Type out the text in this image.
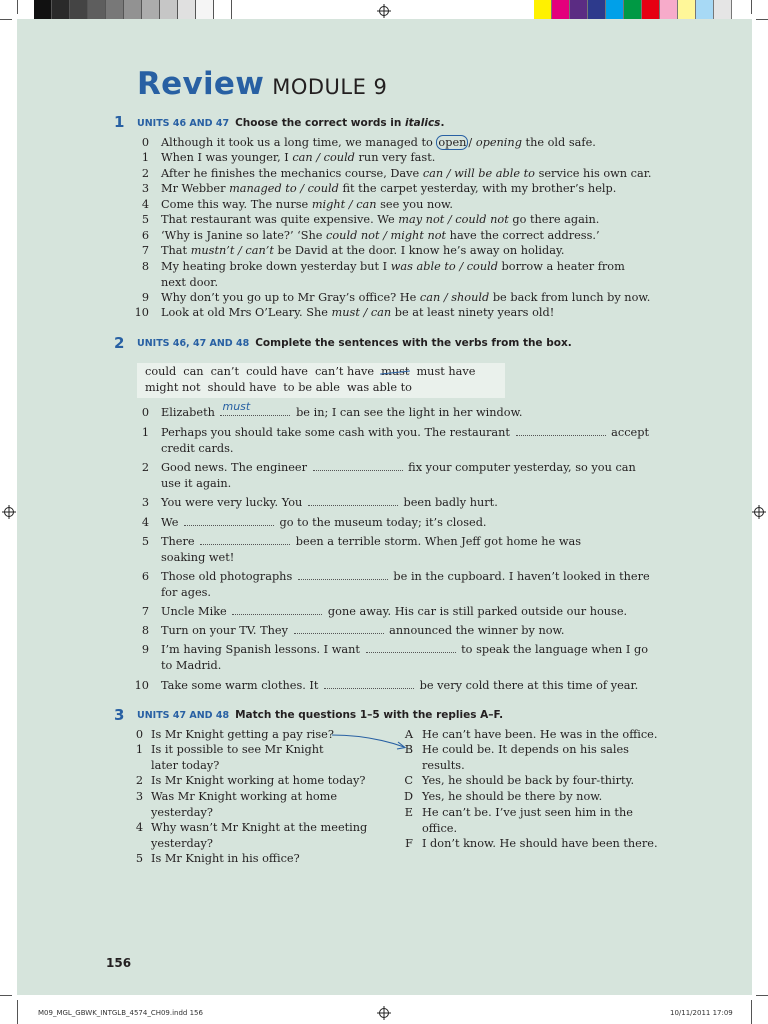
Review MODULE 9
1 UNITS 46 AND 47 Choose the correct words in italics.
0 Although it took us a long time, we managed to open / opening the old safe.
1 When I was younger, I can / could run very fast.
2 After he finishes the mechanics course, Dave can / will be able to service his own car.
3 Mr Webber managed to / could fit the carpet yesterday, with my brother’s help.
4 Come this way. The nurse might / can see you now.
5 That restaurant was quite expensive. We may not / could not go there again.
6 ‘Why is Janine so late?’ ‘She could not / might not have the correct address.’
7 That mustn’t / can’t be David at the door. I know he’s away on holiday.
8 My heating broke down yesterday but I was able to / could borrow a heater from
next door.
9 Why don’t you go up to Mr Gray’s office? He can / should be back from lunch by now.
10 Look at old Mrs O’Leary. She must / can be at least ninety years old!
2 UNITS 46, 47 AND 48 Complete the sentences with the verbs from the box.
could can can’t could have can’t have must must have
might not should have to be able was able to
0 Elizabeth must	be in; I can see the light in her window.
1 Perhaps you should take some cash with you. The restaurant	accept
credit cards.
2 Good news. The engineer	fix your computer yesterday, so you can
use it again.
3 You were very lucky. You	been badly hurt.
4 We	go to the museum today; it’s closed.
5 There	been a terrible storm. When Jeff got home he was
soaking wet!
6 Those old photographs	be in the cupboard. I haven’t looked in there
for ages.
7 Uncle Mike	gone away. His car is still parked outside our house.
8 Turn on your TV. They	announced the winner by now.
9 I’m having Spanish lessons. I want	to speak the language when I go
to Madrid.
10 Take some warm clothes. It	be very cold there at this time of year.
3 UNITS 47 AND 48 Match the questions 1–5 with the replies A–F.
0 Is Mr Knight getting a pay rise?
1 Is it possible to see Mr Knight
later today?
2 Is Mr Knight working at home today?
3 Was Mr Knight working at home
yesterday?
4 Why wasn’t Mr Knight at the meeting
yesterday?
5 Is Mr Knight in his office?
A He can’t have been. He was in the office.
B He could be. It depends on his sales
results.
C Yes, he should be back by four-thirty.
D Yes, he should be there by now.
E He can’t be. I’ve just seen him in the
office.
F I don’t know. He should have been there.
156
M09_MGL_GBWK_INTGLB_4574_CH09.indd 156	10/11/2011 17:09
